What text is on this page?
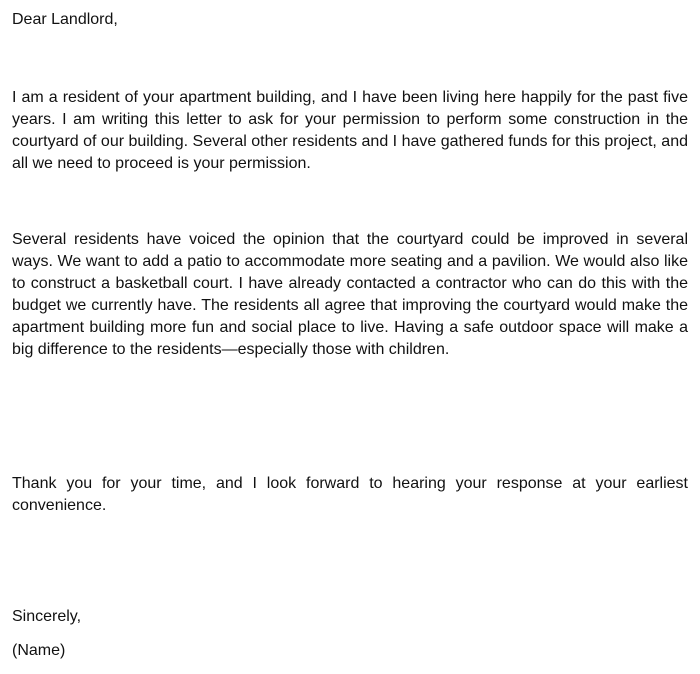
Dear Landlord,

I am a resident of your apartment building, and I have been living here happily for the past five years. I am writing this letter to ask for your permission to perform some construction in the courtyard of our building. Several other residents and I have gathered funds for this project, and all we need to proceed is your permission.

Several residents have voiced the opinion that the courtyard could be improved in several ways. We want to add a patio to accommodate more seating and a pavilion. We would also like to construct a basketball court. I have already contacted a contractor who can do this with the budget we currently have. The residents all agree that improving the courtyard would make the apartment building more fun and social place to live. Having a safe outdoor space will make a big difference to the residents—especially those with children.

Thank you for your time, and I look forward to hearing your response at your earliest convenience.

Sincerely,

(Name)
